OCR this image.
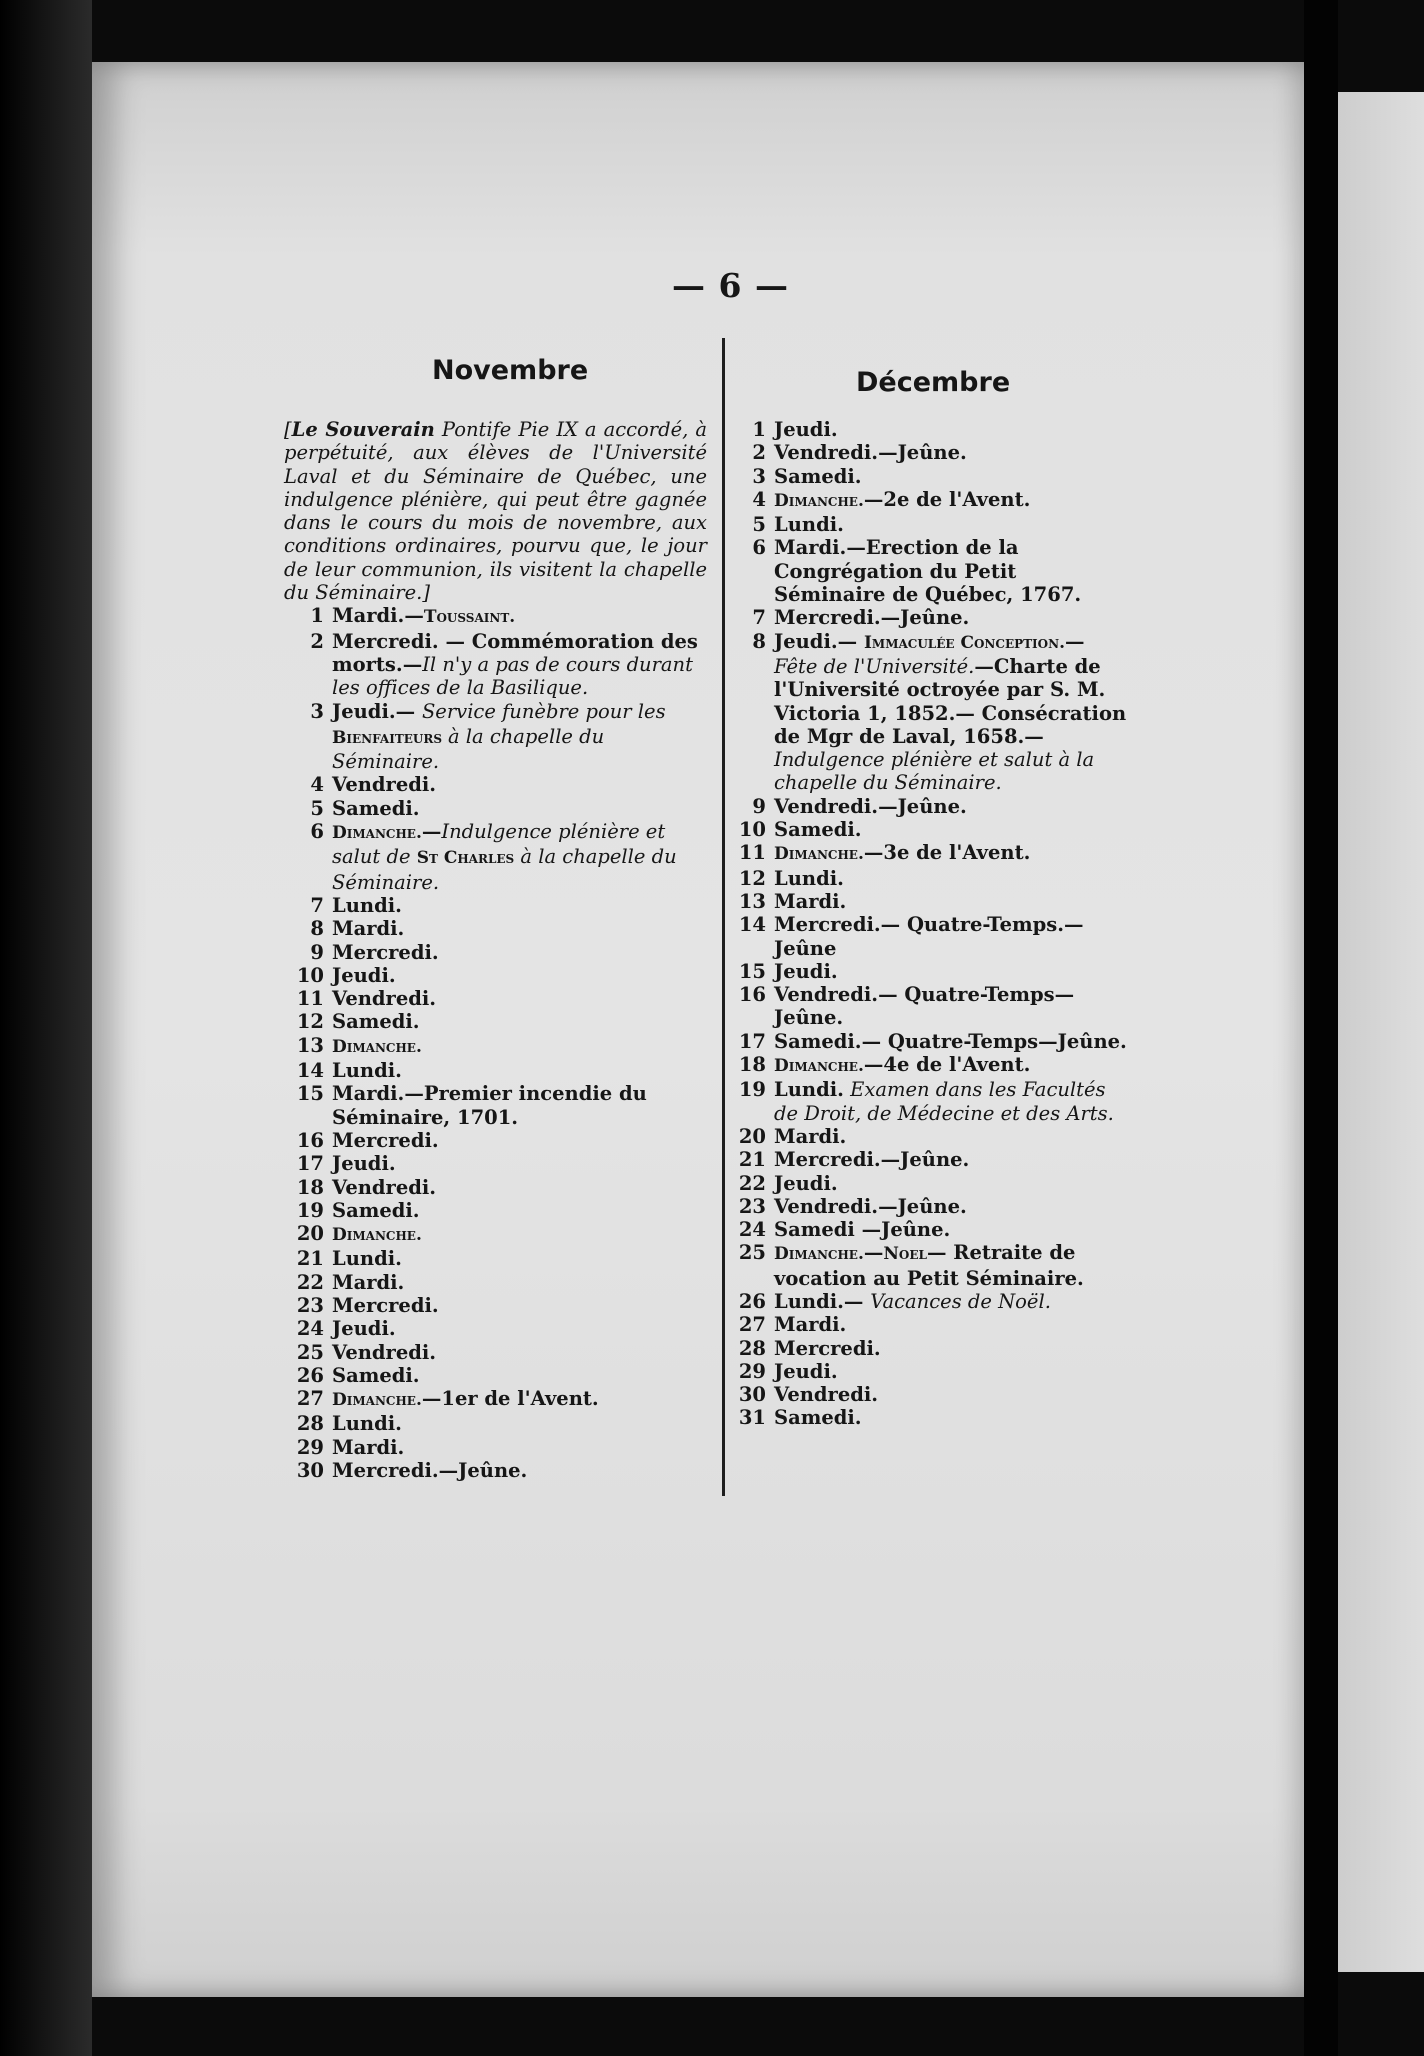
— 6 —
Novembre	Décembre
[Le Souverain Pontife Pie IX a accordé, à perpétuité, aux élèves de l'Université Laval et du Séminaire de Québec, une indulgence plénière, qui peut être gagnée dans le cours du mois de novembre, aux conditions ordinaires, pourvu que, le jour de leur communion, ils visitent la chapelle du Séminaire.]
1 Mardi.—Toussaint.
2 Mercredi. — Commémoration des morts.—Il n'y a pas de cours durant les offices de la Basilique.
3 Jeudi.— Service funèbre pour les Bienfaiteurs à la chapelle du Séminaire.
4 Vendredi.
5 Samedi.
6 Dimanche.—Indulgence plénière et salut de St Charles à la chapelle du Séminaire.
7 Lundi.
8 Mardi.
9 Mercredi.
10 Jeudi.
11 Vendredi.
12 Samedi.
13 Dimanche.
14 Lundi.
15 Mardi.—Premier incendie du Séminaire, 1701.
16 Mercredi.
17 Jeudi.
18 Vendredi.
19 Samedi.
20 Dimanche.
21 Lundi.
22 Mardi.
23 Mercredi.
24 Jeudi.
25 Vendredi.
26 Samedi.
27 Dimanche.—1er de l'Avent.
28 Lundi.
29 Mardi.
30 Mercredi.—Jeûne.
1 Jeudi.
2 Vendredi.—Jeûne.
3 Samedi.
4 Dimanche.—2e de l'Avent.
5 Lundi.
6 Mardi.—Erection de la Congrégation du Petit Séminaire de Québec, 1767.
7 Mercredi.—Jeûne.
8 Jeudi.— Immaculée Conception.— Fête de l'Université.—Charte de l'Université octroyée par S. M. Victoria 1, 1852.— Consécration de Mgr de Laval, 1658.— Indulgence plénière et salut à la chapelle du Séminaire.
9 Vendredi.—Jeûne.
10 Samedi.
11 Dimanche.—3e de l'Avent.
12 Lundi.
13 Mardi.
14 Mercredi.— Quatre-Temps.—Jeûne
15 Jeudi.
16 Vendredi.— Quatre-Temps— Jeûne.
17 Samedi.— Quatre-Temps—Jeûne.
18 Dimanche.—4e de l'Avent.
19 Lundi. Examen dans les Facultés de Droit, de Médecine et des Arts.
20 Mardi.
21 Mercredi.—Jeûne.
22 Jeudi.
23 Vendredi.—Jeûne.
24 Samedi —Jeûne.
25 Dimanche.—Noel— Retraite de vocation au Petit Séminaire.
26 Lundi.— Vacances de Noël.
27 Mardi.
28 Mercredi.
29 Jeudi.
30 Vendredi.
31 Samedi.
